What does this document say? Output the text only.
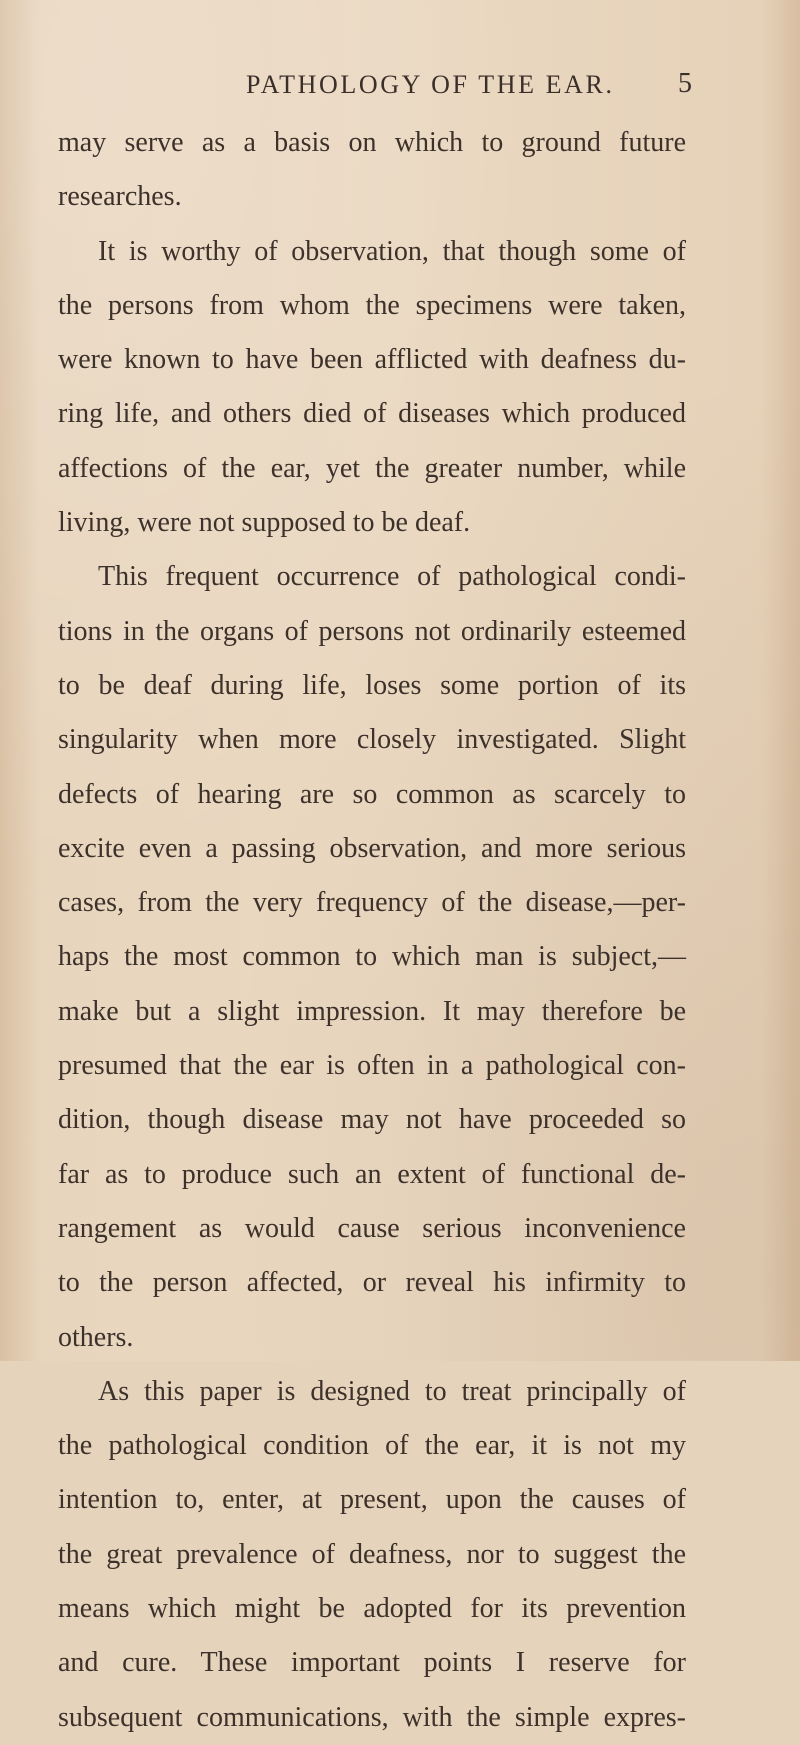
PATHOLOGY OF THE EAR. 5
may serve as a basis on which to ground future
researches.
It is worthy of observation, that though some of
the persons from whom the specimens were taken,
were known to have been afflicted with deafness du-
ring life, and others died of diseases which produced
affections of the ear, yet the greater number, while
living, were not supposed to be deaf.
This frequent occurrence of pathological condi-
tions in the organs of persons not ordinarily esteemed
to be deaf during life, loses some portion of its
singularity when more closely investigated. Slight
defects of hearing are so common as scarcely to
excite even a passing observation, and more serious
cases, from the very frequency of the disease,—per-
haps the most common to which man is subject,—
make but a slight impression. It may therefore be
presumed that the ear is often in a pathological con-
dition, though disease may not have proceeded so
far as to produce such an extent of functional de-
rangement as would cause serious inconvenience
to the person affected, or reveal his infirmity to
others.
As this paper is designed to treat principally of
the pathological condition of the ear, it is not my
intention to, enter, at present, upon the causes of
the great prevalence of deafness, nor to suggest the
means which might be adopted for its prevention
and cure. These important points I reserve for
subsequent communications, with the simple expres-
